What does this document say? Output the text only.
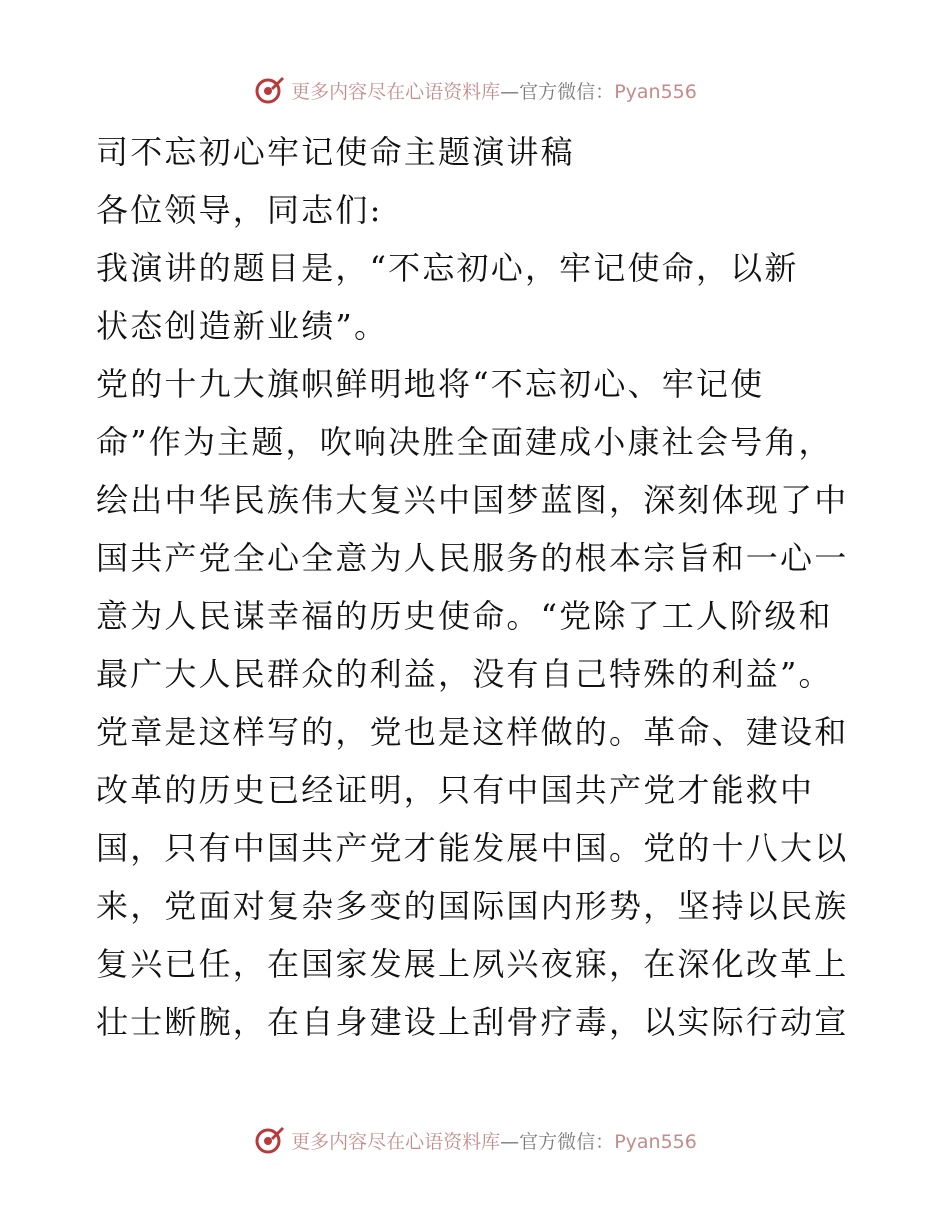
更多内容尽在心语资料库—官方微信：Pyan556
司不忘初心牢记使命主题演讲稿
各位领导，同志们:
我演讲的题目是，“不忘初心，牢记使命，以新
状态创造新业绩”。
党的十九大旗帜鲜明地将“不忘初心、牢记使
命”作为主题，吹响决胜全面建成小康社会号角，
绘出中华民族伟大复兴中国梦蓝图，深刻体现了中
国共产党全心全意为人民服务的根本宗旨和一心一
意为人民谋幸福的历史使命。“党除了工人阶级和
最广大人民群众的利益，没有自己特殊的利益”。
党章是这样写的，党也是这样做的。革命、建设和
改革的历史已经证明，只有中国共产党才能救中
国，只有中国共产党才能发展中国。党的十八大以
来，党面对复杂多变的国际国内形势，坚持以民族
复兴已任，在国家发展上夙兴夜寐，在深化改革上
壮士断腕，在自身建设上刮骨疗毒，以实际行动宣
更多内容尽在心语资料库—官方微信：Pyan556
